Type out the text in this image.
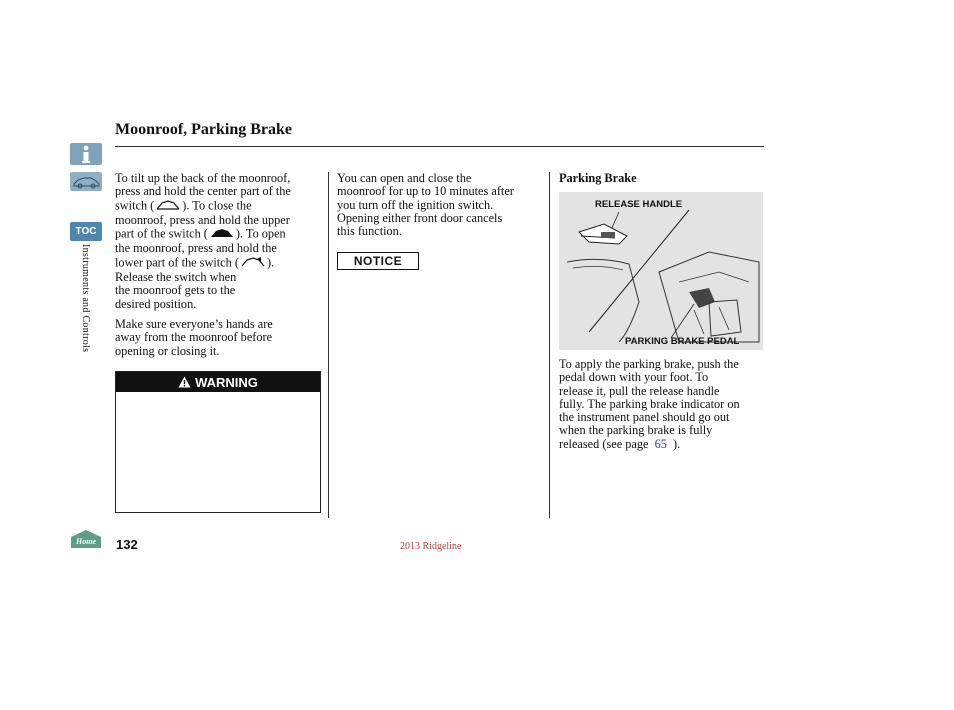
TOC
Instruments and Controls
Home
Moonroof, Parking Brake

To tilt up the back of the moonroof,

press and hold the center part of the

switch ( ). To close the

moonroof, press and hold the upper

part of the switch ( ). To open

the moonroof, press and hold the

lower part of the switch ( ).

Release the switch when

the moonroof gets to the

desired position.

Make sure everyone’s hands are

away from the moonroof before

opening or closing it.

WARNING

You can open and close the

moonroof for up to 10 minutes after

you turn off the ignition switch.

Opening either front door cancels

this function.

NOTICE
Parking Brake
RELEASE HANDLE
PARKING BRAKE PEDAL

To apply the parking brake, push the

pedal down with your foot. To

release it, pull the release handle

fully. The parking brake indicator on

the instrument panel should go out

when the parking brake is fully

released (see page 65 ).

132	2013 Ridgeline
